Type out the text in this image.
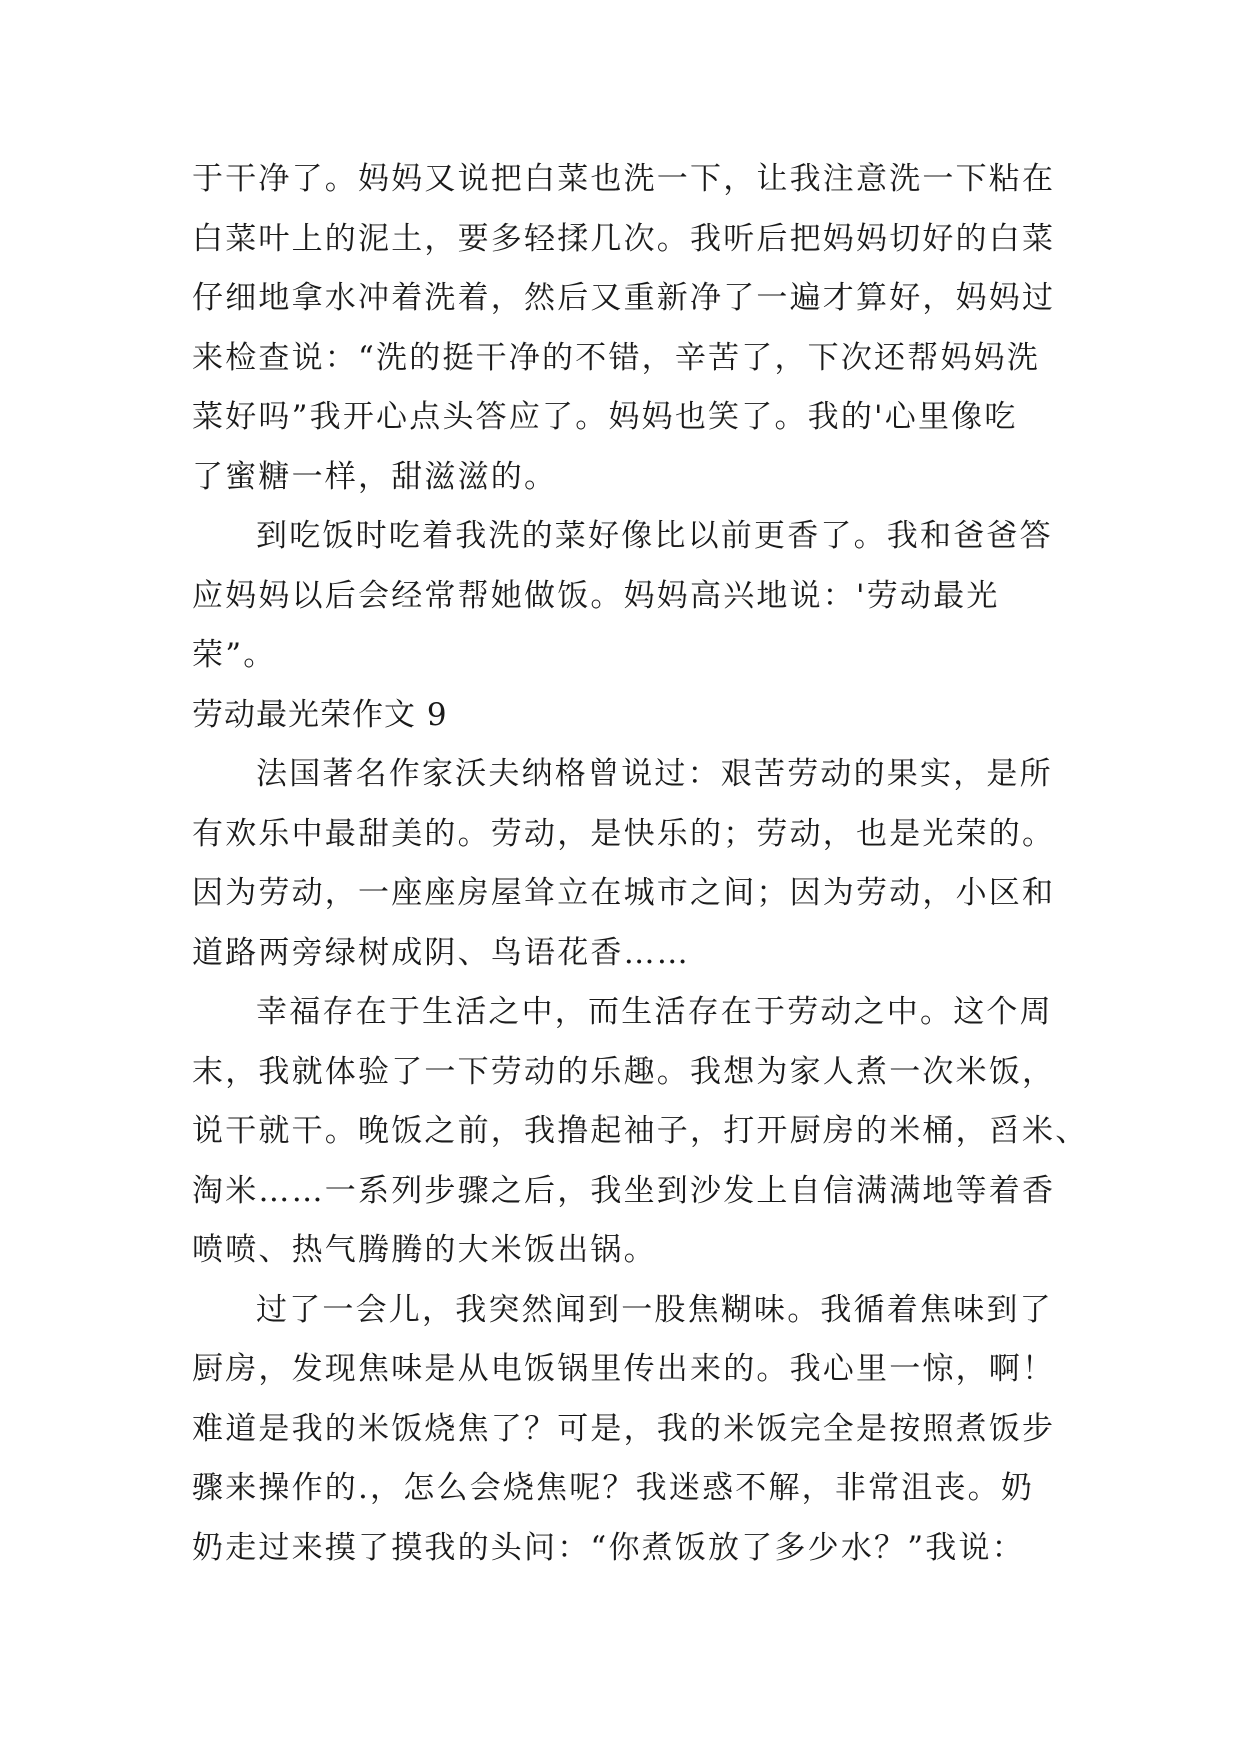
于干净了。妈妈又说把白菜也洗一下，让我注意洗一下粘在
白菜叶上的泥土，要多轻揉几次。我听后把妈妈切好的白菜
仔细地拿水冲着洗着，然后又重新净了一遍才算好，妈妈过
来检查说：“洗的挺干净的不错，辛苦了，下次还帮妈妈洗
菜好吗”我开心点头答应了。妈妈也笑了。我的'心里像吃
了蜜糖一样，甜滋滋的。
到吃饭时吃着我洗的菜好像比以前更香了。我和爸爸答
应妈妈以后会经常帮她做饭。妈妈高兴地说：'劳动最光
荣”。
劳动最光荣作文 9
法国著名作家沃夫纳格曾说过：艰苦劳动的果实，是所
有欢乐中最甜美的。劳动，是快乐的；劳动，也是光荣的。
因为劳动，一座座房屋耸立在城市之间；因为劳动，小区和
道路两旁绿树成阴、鸟语花香……
幸福存在于生活之中，而生活存在于劳动之中。这个周
末，我就体验了一下劳动的乐趣。我想为家人煮一次米饭，
说干就干。晚饭之前，我撸起袖子，打开厨房的米桶，舀米、
淘米……一系列步骤之后，我坐到沙发上自信满满地等着香
喷喷、热气腾腾的大米饭出锅。
过了一会儿，我突然闻到一股焦糊味。我循着焦味到了
厨房，发现焦味是从电饭锅里传出来的。我心里一惊，啊！
难道是我的米饭烧焦了？可是，我的米饭完全是按照煮饭步
骤来操作的.，怎么会烧焦呢？我迷惑不解，非常沮丧。奶
奶走过来摸了摸我的头问：“你煮饭放了多少水？”我说：
